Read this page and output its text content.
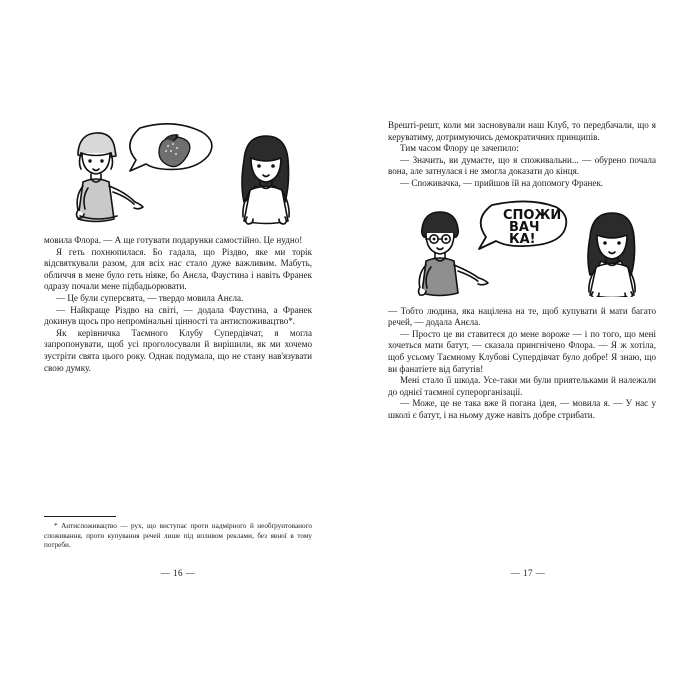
мовила Флора. — А ще готувати подарунки самостійно. Це нудно!

Я геть похнюпилася. Бо гадала, що Різдво, яке ми торік відсвяткували разом, для всіх нас стало дуже важливим. Мабуть, обличчя в мене було геть ніяке, бо Анєла, Фаустина і навіть Франек одразу почали мене підбадьорювати.

— Це були суперсвята, — твердо мовила Анєла.

— Найкраще Різдво на світі, — додала Фаустина, а Франек докинув щось про непромінальні цінності та антиспоживацтво*.

Як керівничка Таємного Клубу Супердівчат, я могла запропонувати, щоб усі проголосували й вирішили, як ми хочемо зустріти свята цього року. Однак подумала, що не стану нав'язувати свою думку.

* Антиспоживацтво — рух, що виступає проти надмірного й необґрунтованого споживання, проти купування речей лише під впливом реклами, без явної в тому потреби.

— 16 —

Врешті-решт, коли ми засновували наш Клуб, то передбачали, що я керуватиму, дотримуючись демократичних принципів.

Тим часом Флору це зачепило:

— Значить, ви думаєте, що я споживальни... — обурено почала вона, але затнулася і не змогла доказати до кінця.

— Споживачка, — прийшов їй на допомогу Франек.

СПОЖИ
ВАЧ
КА!

— Тобто людина, яка націлена на те, щоб купувати й мати багато речей, — додала Анєла.

— Просто це ви ставитеся до мене вороже — і по того, що мені хочеться мати батут, — сказала прингнічено Флора. — Я ж хотіла, щоб усьому Таємному Клубові Супердівчат було добре! Я знаю, що ви фанатіете від батутів!

Мені стало її шкода. Усе-таки ми були приятельками й належали до однієї таємної суперорганізації.

— Може, це не така вже й погана ідея, — мовила я. — У нас у школі є батут, і на ньому дуже навіть добре стрибати.

— 17 —
